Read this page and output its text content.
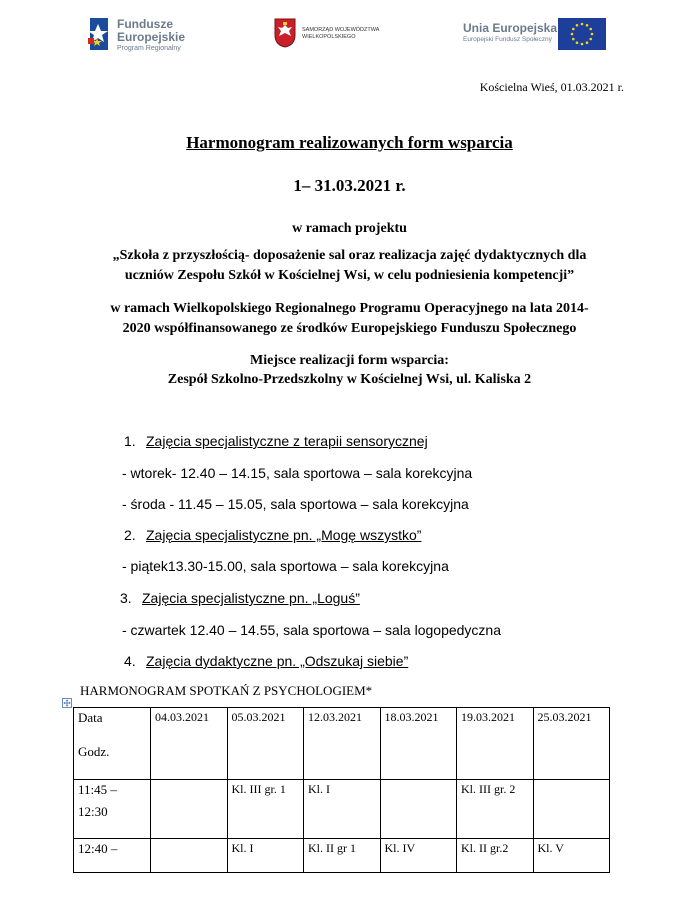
Fundusze
Europejskie
Program Regionalny
SAMORZĄD WOJEWÓDZTWA
WIELKOPOLSKIEGO
Unia Europejska
Europejski Fundusz Społeczny
Kościelna Wieś, 01.03.2021 r.
Harmonogram realizowanych form wsparcia
1– 31.03.2021 r.
w ramach projektu
„Szkoła z przyszłością- doposażenie sal oraz realizacja zajęć dydaktycznych dla
uczniów Zespołu Szkół w Kościelnej Wsi, w celu podniesienia kompetencji”
w ramach Wielkopolskiego Regionalnego Programu Operacyjnego na lata 2014-
2020 współfinansowanego ze środków Europejskiego Funduszu Społecznego
Miejsce realizacji form wsparcia:
Zespół Szkolno-Przedszkolny w Kościelnej Wsi, ul. Kaliska 2
1. Zajęcia specjalistyczne z terapii sensorycznej
- wtorek- 12.40 – 14.15, sala sportowa – sala korekcyjna
- środa - 11.45 – 15.05, sala sportowa – sala korekcyjna
2. Zajęcia specjalistyczne pn. „Mogę wszystko”
- piątek13.30-15.00, sala sportowa – sala korekcyjna
3. Zajęcia specjalistyczne pn. „Loguś”
- czwartek 12.40 – 14.55, sala sportowa – sala logopedyczna
4. Zajęcia dydaktyczne pn. „Odszukaj siebie”
HARMONOGRAM SPOTKAŃ Z PSYCHOLOGIEM*
Data
Godz.	04.03.2021	05.03.2021	12.03.2021	18.03.2021	19.03.2021	25.03.2021

11:45 –
12:30		Kl. III gr. 1	Kl. I		Kl. III gr. 2	

12:40 –		Kl. I	Kl. II gr 1	Kl. IV	Kl. II gr.2	Kl. V
